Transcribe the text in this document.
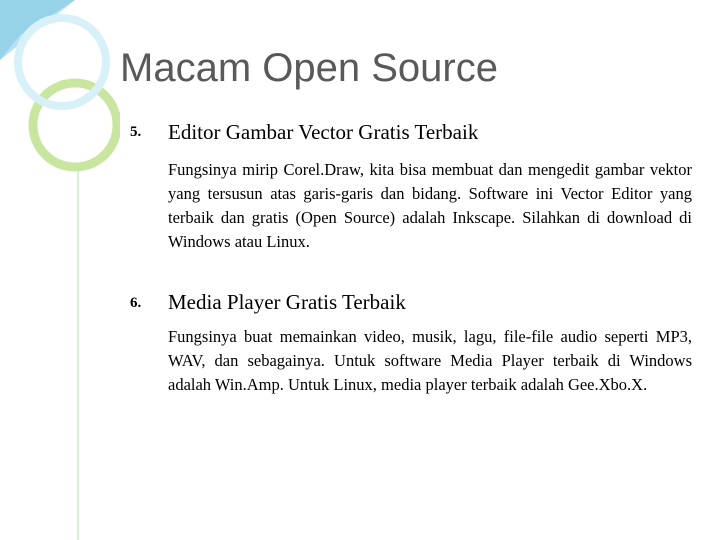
Macam Open Source
5. Editor Gambar Vector Gratis Terbaik
Fungsinya mirip Corel.Draw, kita bisa membuat dan mengedit gambar vektor yang tersusun atas garis-garis dan bidang. Software ini Vector Editor yang terbaik dan gratis (Open Source) adalah Inkscape. Silahkan di download di Windows atau Linux.
6. Media Player Gratis Terbaik
Fungsinya buat memainkan video, musik, lagu, file-file audio seperti MP3, WAV, dan sebagainya. Untuk software Media Player terbaik di Windows adalah Win.Amp. Untuk Linux, media player terbaik adalah Gee.Xbo.X.
